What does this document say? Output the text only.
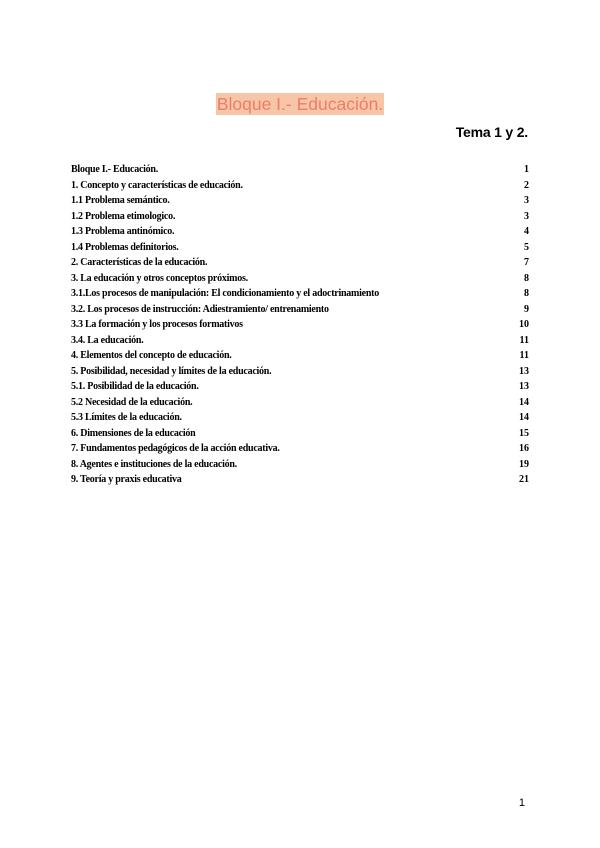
Bloque I.- Educación.
Tema 1 y 2.
Bloque I.- Educación.	1
1. Concepto y características de educación.	2
1.1 Problema semántico.	3
1.2 Problema etimologico.	3
1.3 Problema antinómico.	4
1.4 Problemas definitorios.	5
2. Características de la educación.	7
3. La educación y otros conceptos próximos.	8
3.1.Los procesos de manipulación: El condicionamiento y el adoctrinamiento	8
3.2. Los procesos de instrucción: Adiestramiento/ entrenamiento	9
3.3 La formación y los procesos formativos	10
3.4. La educación.	11
4. Elementos del concepto de educación.	11
5. Posibilidad, necesidad y límites de la educación.	13
5.1. Posibilidad de la educación.	13
5.2 Necesidad de la educación.	14
5.3 Límites de la educación.	14
6. Dimensiones de la educación	15
7. Fundamentos pedagógicos de la acción educativa.	16
8. Agentes e instituciones de la educación.	19
9. Teoría y praxis educativa	21
1
